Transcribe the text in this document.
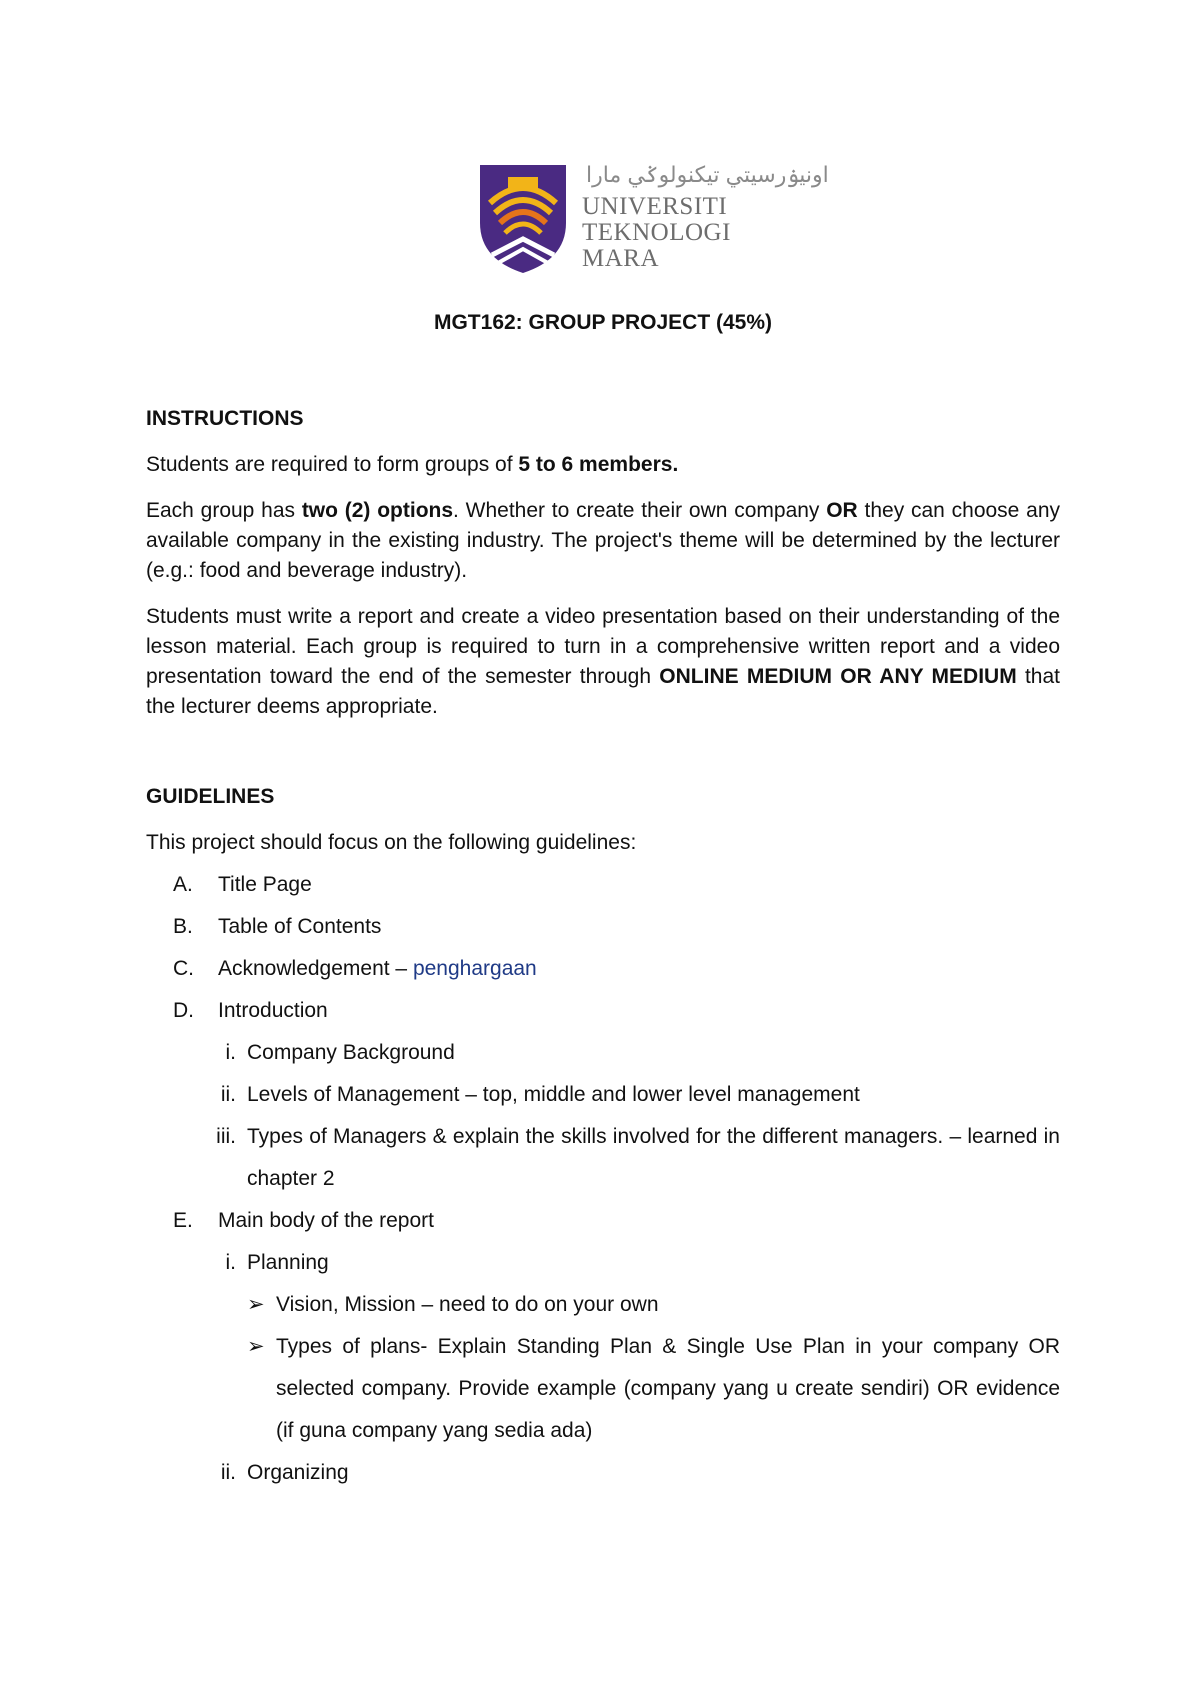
اونيۏرسيتي تيكنولوݢي مارا
UNIVERSITI
TEKNOLOGI
MARA
MGT162: GROUP PROJECT (45%)
INSTRUCTIONS

Students are required to form groups of 5 to 6 members.

Each group has two (2) options. Whether to create their own company OR they can choose any available company in the existing industry. The project's theme will be determined by the lecturer (e.g.: food and beverage industry).

Students must write a report and create a video presentation based on their understanding of the lesson material. Each group is required to turn in a comprehensive written report and a video presentation toward the end of the semester through ONLINE MEDIUM OR ANY MEDIUM that the lecturer deems appropriate.

GUIDELINES

This project should focus on the following guidelines:

A.	Title Page
B.	Table of Contents
C.	Acknowledgement – penghargaan
D.	Introduction
i. Company Background
ii. Levels of Management – top, middle and lower level management
iii. Types of Managers & explain the skills involved for the different managers. – learned in chapter 2
E.	Main body of the report
i. Planning
➢ Vision, Mission – need to do on your own
➢ Types of plans- Explain Standing Plan & Single Use Plan in your company OR selected company. Provide example (company yang u create sendiri) OR evidence (if guna company yang sedia ada)
ii. Organizing
